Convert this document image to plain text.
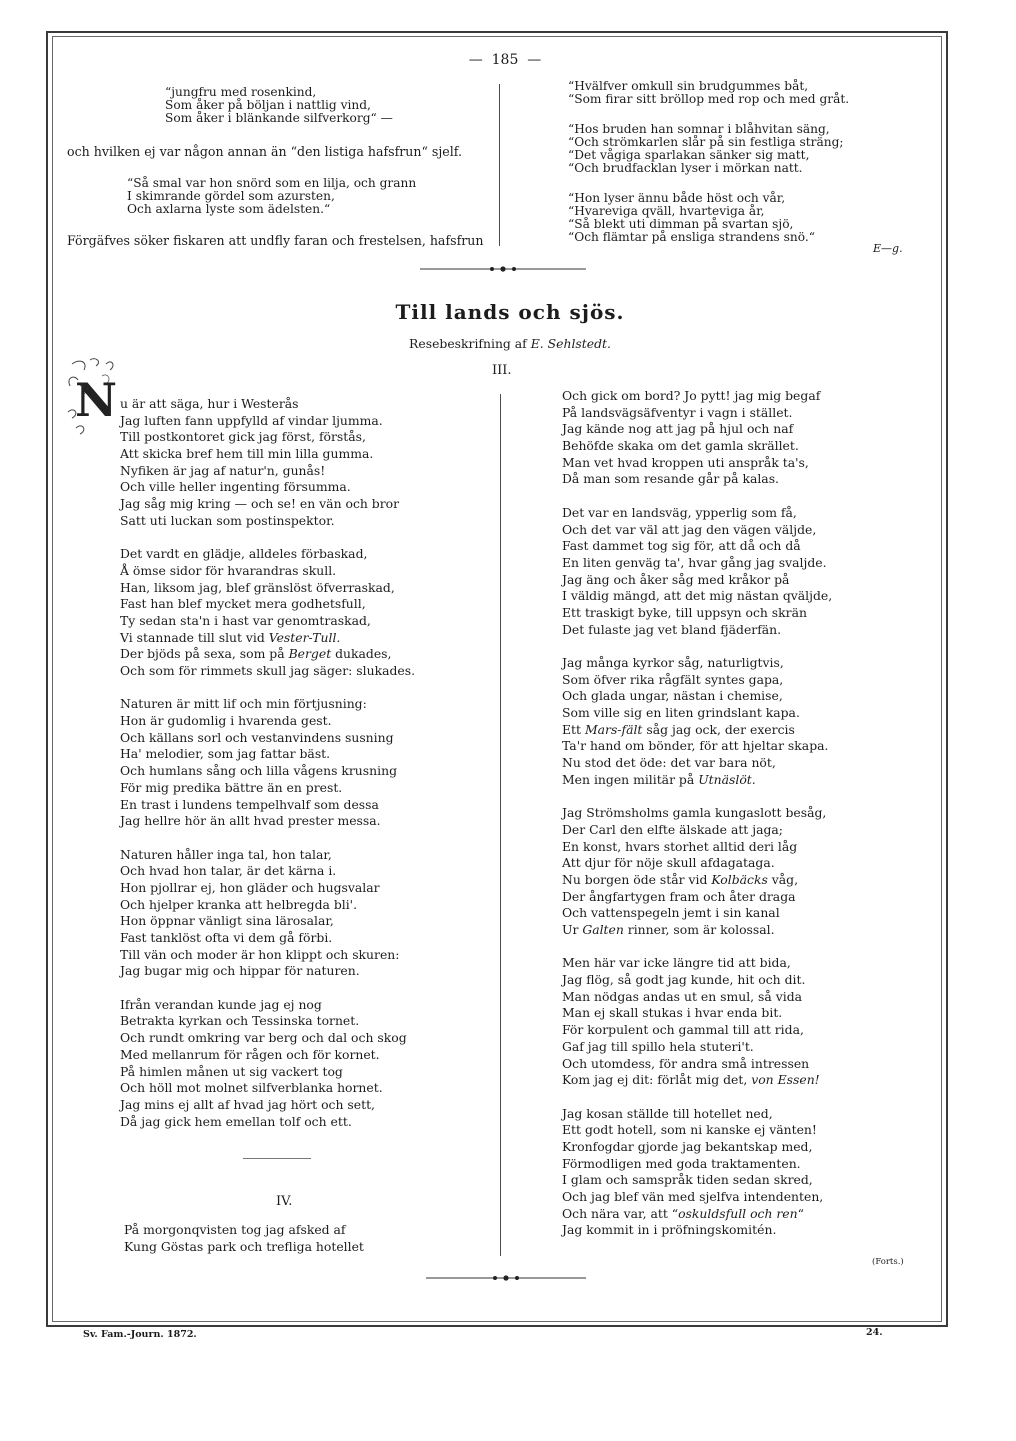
—  185  —
“jungfru med rosenkind,
Som åker på böljan i nattlig vind,
Som åker i blänkande silfverkorg“ —
och hvilken ej var någon annan än “den listiga hafsfrun“ sjelf.
“Så smal var hon snörd som en lilja, och grann
I skimrande gördel som azursten,
Och axlarna lyste som ädelsten.“
Förgäfves söker fiskaren att undfly faran och frestelsen, hafsfrun
“Hvälfver omkull sin brudgummes båt,
“Som firar sitt bröllop med rop och med gråt.
“Hos bruden han somnar i blåhvitan säng,
“Och strömkarlen slår på sin festliga sträng;
“Det vågiga sparlakan sänker sig matt,
“Och brudfacklan lyser i mörkan natt.
“Hon lyser ännu både höst och vår,
“Hvareviga qväll, hvarteviga år,
“Så blekt uti dimman på svartan sjö,
“Och flämtar på ensliga strandens snö.“
E—g.
Till lands och sjös.
Resebeskrifning af E. Sehlstedt.
III.
N u är att säga, hur i Westerås
Jag luften fann uppfylld af vindar ljumma.
Till postkontoret gick jag först, förstås,
Att skicka bref hem till min lilla gumma.
Nyfiken är jag af natur'n, gunås!
Och ville heller ingenting försumma.
Jag såg mig kring — och se! en vän och bror
Satt uti luckan som postinspektor.
Det vardt en glädje, alldeles förbaskad,
Å ömse sidor för hvarandras skull.
Han, liksom jag, blef gränslöst öfverraskad,
Fast han blef mycket mera godhetsfull,
Ty sedan sta'n i hast var genomtraskad,
Vi stannade till slut vid Vester-Tull.
Der bjöds på sexa, som på Berget dukades,
Och som för rimmets skull jag säger: slukades.
Naturen är mitt lif och min förtjusning:
Hon är gudomlig i hvarenda gest.
Och källans sorl och vestanvindens susning
Ha' melodier, som jag fattar bäst.
Och humlans sång och lilla vågens krusning
För mig predika bättre än en prest.
En trast i lundens tempelhvalf som dessa
Jag hellre hör än allt hvad prester messa.
Naturen håller inga tal, hon talar,
Och hvad hon talar, är det kärna i.
Hon pjollrar ej, hon gläder och hugsvalar
Och hjelper kranka att helbregda bli'.
Hon öppnar vänligt sina lärosalar,
Fast tanklöst ofta vi dem gå förbi.
Till vän och moder är hon klippt och skuren:
Jag bugar mig och hippar för naturen.
Ifrån verandan kunde jag ej nog
Betrakta kyrkan och Tessinska tornet.
Och rundt omkring var berg och dal och skog
Med mellanrum för rågen och för kornet.
På himlen månen ut sig vackert tog
Och höll mot molnet silfverblanka hornet.
Jag mins ej allt af hvad jag hört och sett,
Då jag gick hem emellan tolf och ett.
Och gick om bord? Jo pytt! jag mig begaf
På landsvägsäfventyr i vagn i stället.
Jag kände nog att jag på hjul och naf
Behöfde skaka om det gamla skrället.
Man vet hvad kroppen uti anspråk ta's,
Då man som resande går på kalas.
Det var en landsväg, ypperlig som få,
Och det var väl att jag den vägen väljde,
Fast dammet tog sig för, att då och då
En liten genväg ta', hvar gång jag svaljde.
Jag äng och åker såg med kråkor på
I väldig mängd, att det mig nästan qväljde,
Ett traskigt byke, till uppsyn och skrän
Det fulaste jag vet bland fjäderfän.
Jag många kyrkor såg, naturligtvis,
Som öfver rika rågfält syntes gapa,
Och glada ungar, nästan i chemise,
Som ville sig en liten grindslant kapa.
Ett Mars-fält såg jag ock, der exercis
Ta'r hand om bönder, för att hjeltar skapa.
Nu stod det öde: det var bara nöt,
Men ingen militär på Utnäslöt.
Jag Strömsholms gamla kungaslott besåg,
Der Carl den elfte älskade att jaga;
En konst, hvars storhet alltid deri låg
Att djur för nöje skull afdagataga.
Nu borgen öde står vid Kolbäcks våg,
Der ångfartygen fram och åter draga
Och vattenspegeln jemt i sin kanal
Ur Galten rinner, som är kolossal.
Men här var icke längre tid att bida,
Jag flög, så godt jag kunde, hit och dit.
Man nödgas andas ut en smul, så vida
Man ej skall stukas i hvar enda bit.
För korpulent och gammal till att rida,
Gaf jag till spillo hela stuteri't.
Och utomdess, för andra små intressen
Kom jag ej dit: förlåt mig det, von Essen!
Jag kosan ställde till hotellet ned,
Ett godt hotell, som ni kanske ej vänten!
Kronfogdar gjorde jag bekantskap med,
Förmodligen med goda traktamenten.
I glam och samspråk tiden sedan skred,
Och jag blef vän med sjelfva intendenten,
Och nära var, att “oskuldsfull och ren“
Jag kommit in i pröfningskomitén.
IV.
På morgonqvisten tog jag afsked af
Kung Göstas park och trefliga hotellet
(Forts.)
Sv. Fam.-Journ. 1872.	24.
